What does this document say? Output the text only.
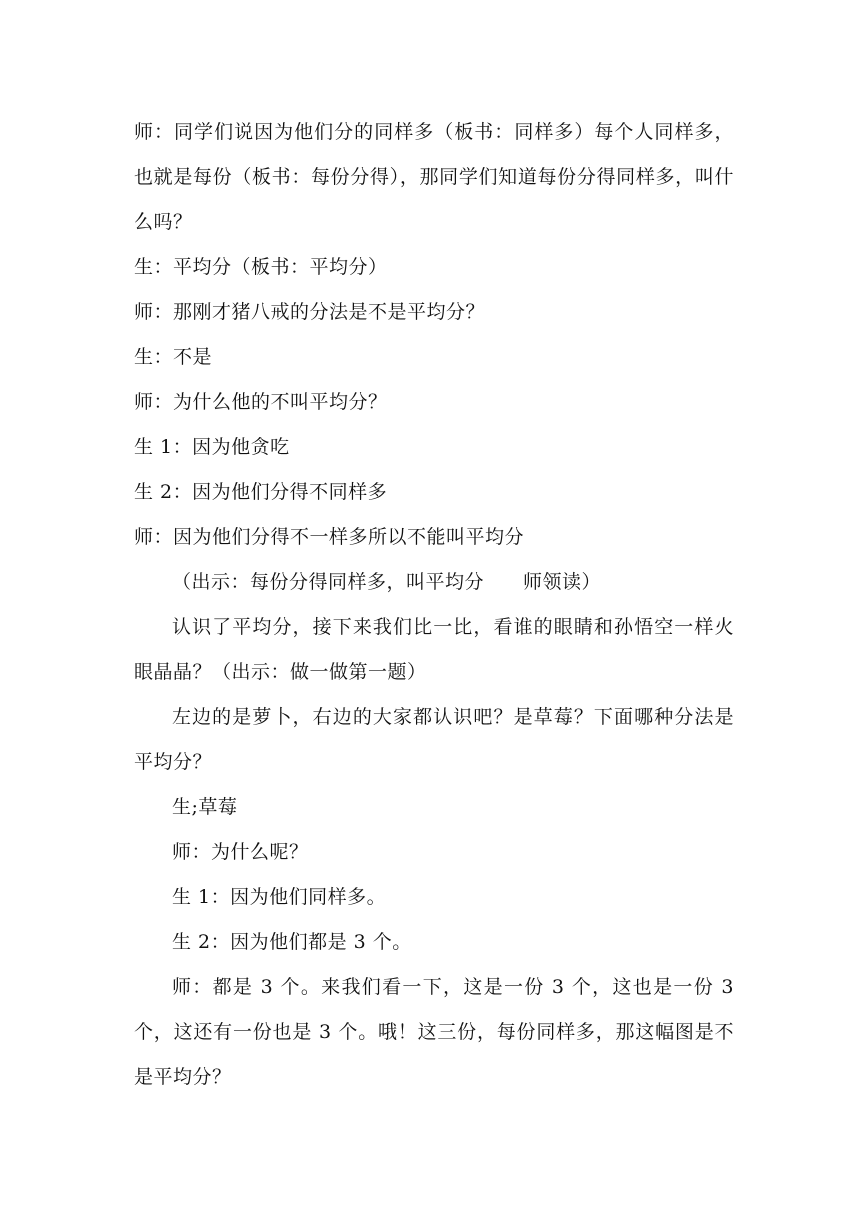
师：同学们说因为他们分的同样多（板书：同样多）每个人同样多，也就是每份（板书：每份分得），那同学们知道每份分得同样多，叫什么吗？

生：平均分（板书：平均分）

师：那刚才猪八戒的分法是不是平均分？

生：不是

师：为什么他的不叫平均分？

生 1：因为他贪吃

生 2：因为他们分得不同样多

师：因为他们分得不一样多所以不能叫平均分

（出示：每份分得同样多，叫平均分　　师领读）

认识了平均分，接下来我们比一比，看谁的眼睛和孙悟空一样火眼晶晶？（出示：做一做第一题）

左边的是萝卜，右边的大家都认识吧？是草莓？下面哪种分法是平均分？

生;草莓

师：为什么呢？

生 1：因为他们同样多。

生 2：因为他们都是 3 个。

师：都是 3 个。来我们看一下，这是一份 3 个，这也是一份 3 个，这还有一份也是 3 个。哦！这三份，每份同样多，那这幅图是不是平均分？
